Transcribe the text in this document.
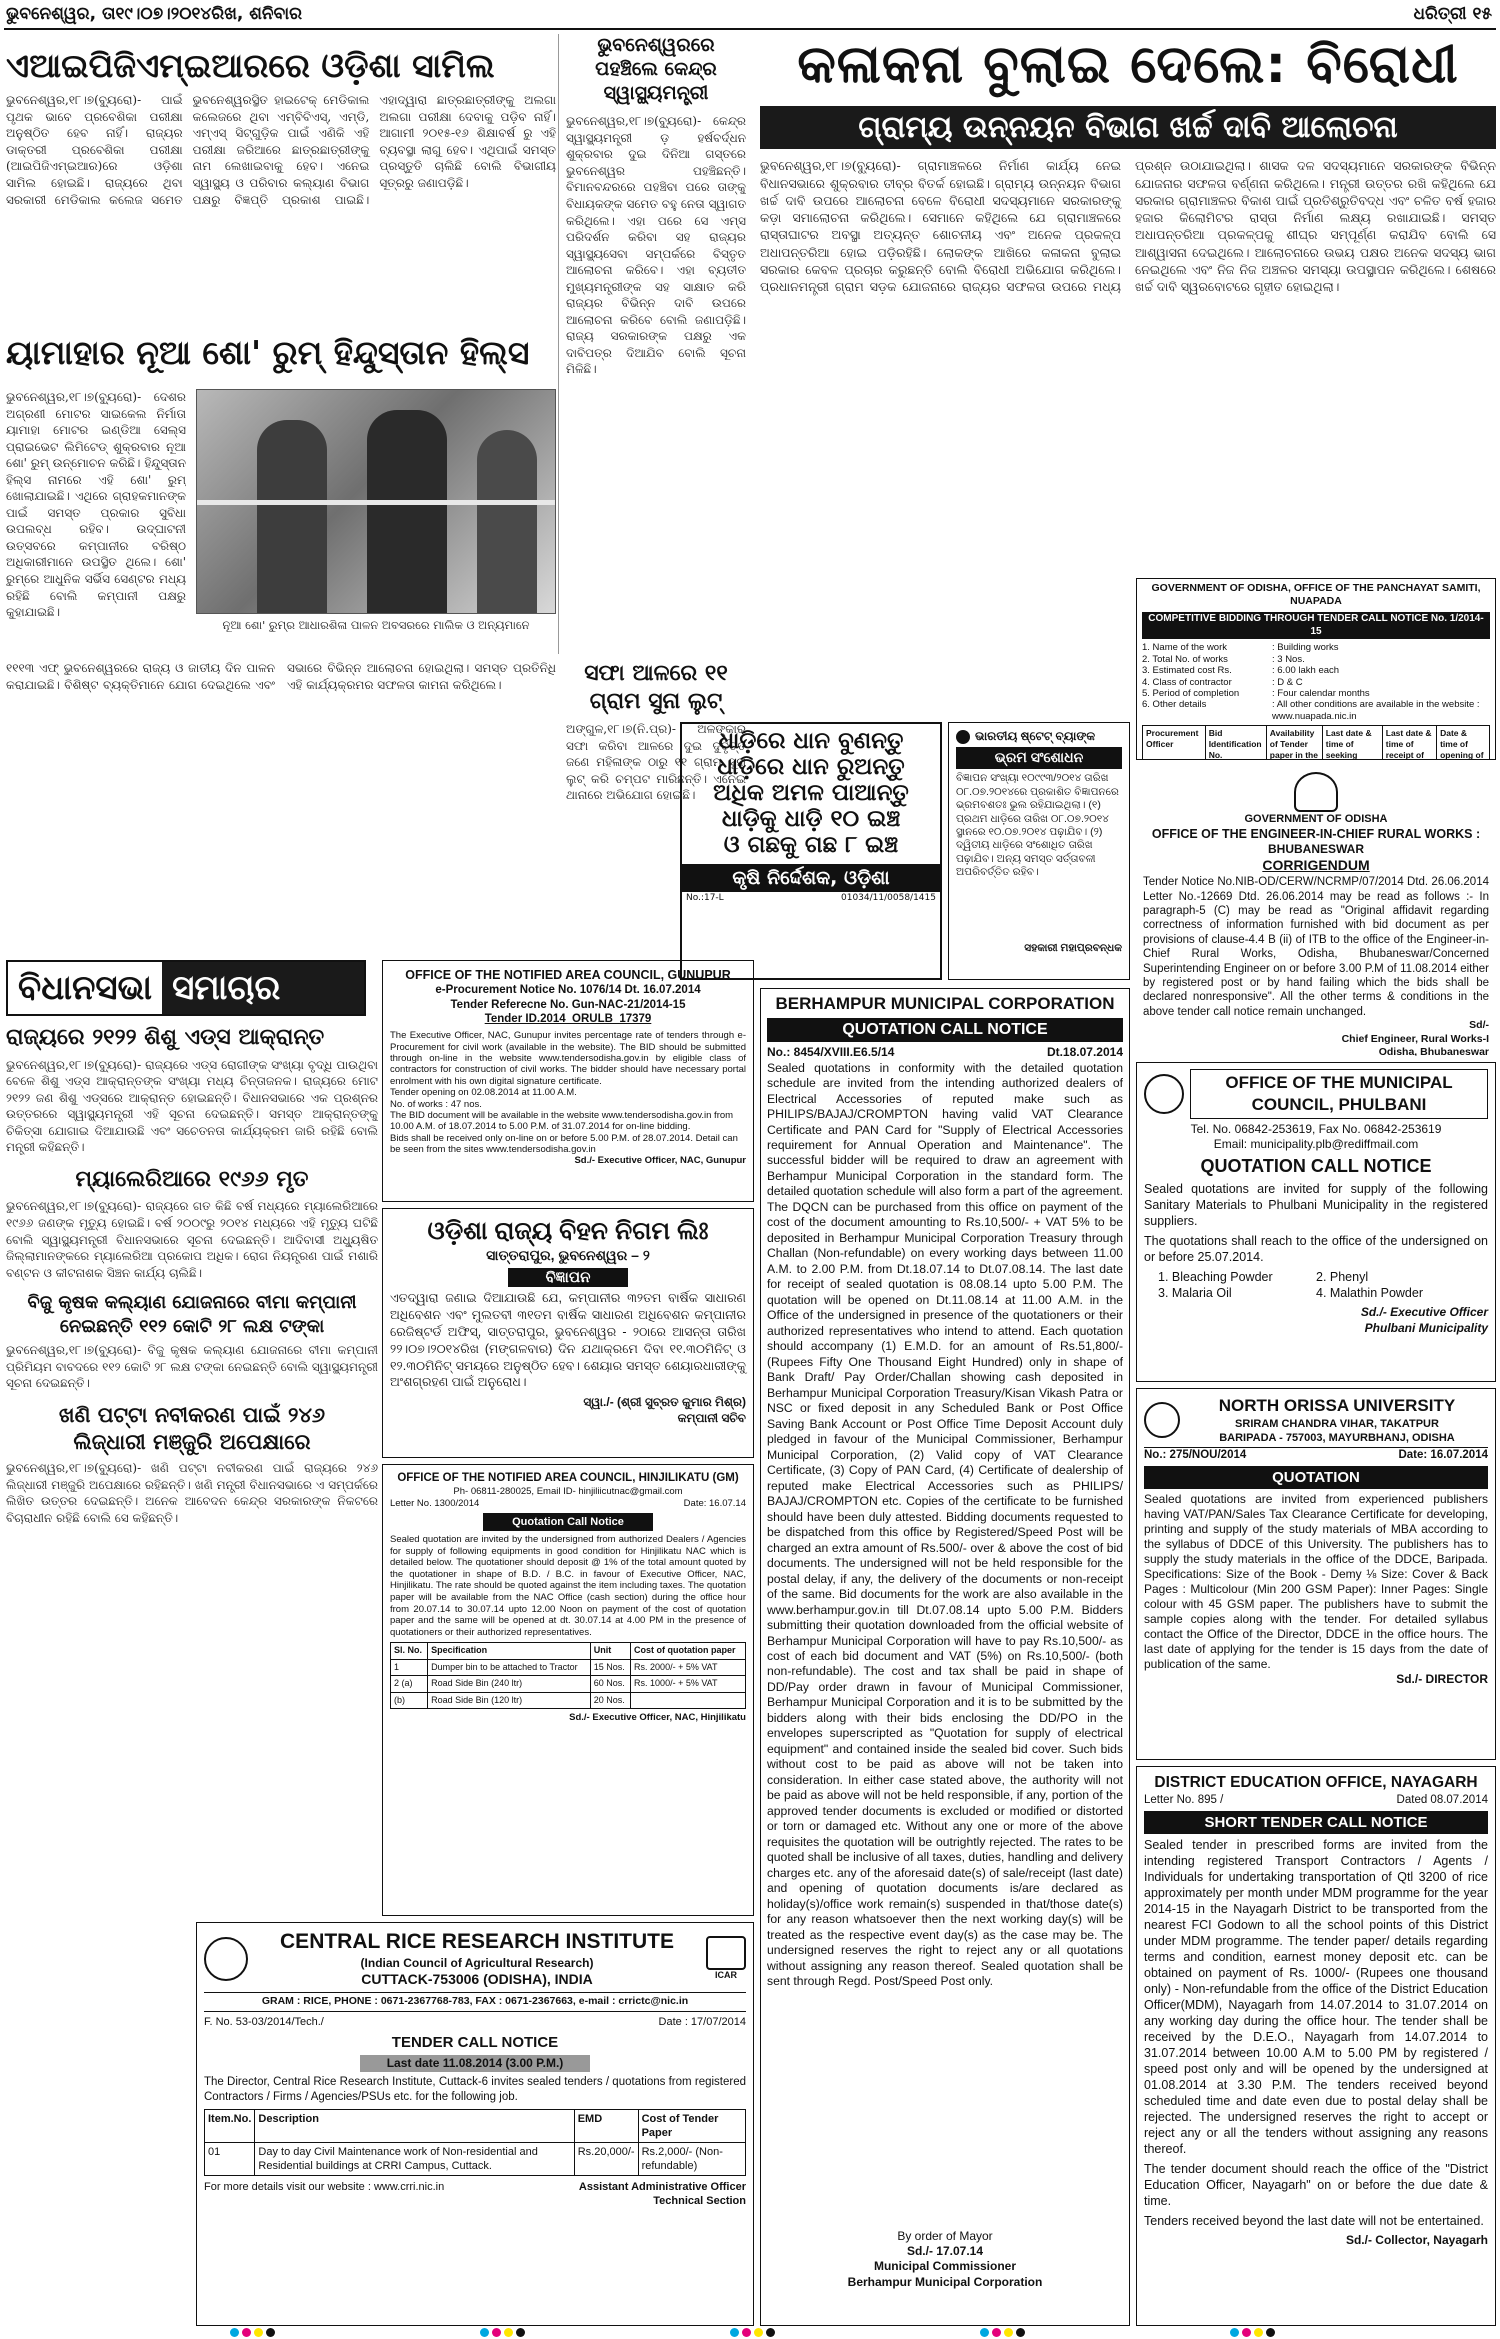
ଭୁବନେଶ୍ୱର, ତା୧୯।୦୭।୨୦୧୪ରିଖ, ଶନିବାର	ଧରିତ୍ରୀ ୧୫
ଏଆଇପିଜିଏମ୍‌ଇଆରରେ ଓଡ଼ିଶା ସାମିଲ
ଭୁବନେଶ୍ୱର,୧୮।୭(ବ୍ୟୁରୋ)- ପାଇଁ ପୃଥକ ଭାବେ ପ୍ରବେଶିକା ପରୀକ୍ଷା ଅନୁଷ୍ଠିତ ହେବ ନାହିଁ। ରାଜ୍ୟର ଡାକ୍ତରୀ ପ୍ରବେଶିକା ପରୀକ୍ଷା (ଆଇପିଜିଏମ୍‌ଇଆର)ରେ ଓଡ଼ିଶା ସାମିଲ ହୋଇଛି। ରାଜ୍ୟରେ ଥିବା ସରକାରୀ ମେଡିକାଲ କଲେଜ ସମେତ ଭୁବନେଶ୍ୱରସ୍ଥିତ ହାଇଟେକ୍‌ ମେଡିକାଲ କଲେଜରେ ଥିବା ଏମ୍‌ବିବିଏସ୍‌, ଏମ୍‌ଡି, ଏମ୍‌ଏସ୍‌ ସିଟ୍‌ଗୁଡ଼ିକ ପାଇଁ ଏଣିକି ଏହି ପରୀକ୍ଷା ଜରିଆରେ ଛାତ୍ରଛାତ୍ରୀଙ୍କୁ ନାମ ଲେଖାଇବାକୁ ହେବ। ଏନେଇ ସ୍ୱାସ୍ଥ୍ୟ ଓ ପରିବାର କଲ୍ୟାଣ ବିଭାଗ ପକ୍ଷରୁ ବିଜ୍ଞପ୍ତି ପ୍ରକାଶ ପାଇଛି। ଏହାଦ୍ୱାରା ଛାତ୍ରଛାତ୍ରୀଙ୍କୁ ଅଲଗା ଅଲଗା ପରୀକ୍ଷା ଦେବାକୁ ପଡ଼ିବ ନାହିଁ। ଆଗାମୀ ୨୦୧୫-୧୬ ଶିକ୍ଷାବର୍ଷ ରୁ ଏହି ବ୍ୟବସ୍ଥା ଲାଗୁ ହେବ। ଏଥିପାଇଁ ସମସ୍ତ ପ୍ରସ୍ତୁତି ଚାଲିଛି ବୋଲି ବିଭାଗୀୟ ସୂତ୍ରରୁ ଜଣାପଡ଼ିଛି।
ଭୁବନେଶ୍ୱରରେ ପହଞ୍ଚିଲେ କେନ୍ଦ୍ର ସ୍ୱାସ୍ଥ୍ୟମନ୍ତ୍ରୀ
ଭୁବନେଶ୍ୱର,୧୮।୭(ବ୍ୟୁରୋ)- କେନ୍ଦ୍ର ସ୍ୱାସ୍ଥ୍ୟମନ୍ତ୍ରୀ ଡ଼ ହର୍ଷବର୍ଦ୍ଧନ ଶୁକ୍ରବାର ଦୁଇ ଦିନିଆ ଗସ୍ତରେ ଭୁବନେଶ୍ୱର ପହଞ୍ଚିଛନ୍ତି। ବିମାନବନ୍ଦରରେ ପହଞ୍ଚିବା ପରେ ତାଙ୍କୁ ବିଧାୟକଙ୍କ ସମେତ ବହୁ ନେତା ସ୍ୱାଗତ କରିଥିଲେ। ଏହା ପରେ ସେ ଏମ୍‌ସ ପରିଦର୍ଶନ କରିବା ସହ ରାଜ୍ୟର ସ୍ୱାସ୍ଥ୍ୟସେବା ସମ୍ପର୍କରେ ବିସ୍ତୃତ ଆଲୋଚନା କରିବେ। ଏହା ବ୍ୟତୀତ ମୁଖ୍ୟମନ୍ତ୍ରୀଙ୍କ ସହ ସାକ୍ଷାତ କରି ରାଜ୍ୟର ବିଭିନ୍ନ ଦାବି ଉପରେ ଆଲୋଚନା କରିବେ ବୋଲି ଜଣାପଡ଼ିଛି। ରାଜ୍ୟ ସରକାରଙ୍କ ପକ୍ଷରୁ ଏକ ଦାବିପତ୍ର ଦିଆଯିବ ବୋଲି ସୂଚନା ମିଳିଛି।
କଳାକନା ବୁଲାଇ ଦେଲେ: ବିରୋଧୀ
ଗ୍ରାମ୍ୟ ଉନ୍ନୟନ ବିଭାଗ ଖର୍ଚ୍ଚ ଦାବି ଆଲୋଚନା
ଭୁବନେଶ୍ୱର,୧୮।୭(ବ୍ୟୁରୋ)- ଗ୍ରାମାଞ୍ଚଳରେ ନିର୍ମାଣ କାର୍ଯ୍ୟ ନେଇ ବିଧାନସଭାରେ ଶୁକ୍ରବାର ତୀବ୍ର ବିତର୍କ ହୋଇଛି। ଗ୍ରାମ୍ୟ ଉନ୍ନୟନ ବିଭାଗ ଖର୍ଚ୍ଚ ଦାବି ଉପରେ ଆଲୋଚନା ବେଳେ ବିରୋଧୀ ସଦସ୍ୟମାନେ ସରକାରଙ୍କୁ କଡ଼ା ସମାଲୋଚନା କରିଥିଲେ। ସେମାନେ କହିଥିଲେ ଯେ ଗ୍ରାମାଞ୍ଚଳରେ ରାସ୍ତାଘାଟର ଅବସ୍ଥା ଅତ୍ୟନ୍ତ ଶୋଚନୀୟ ଏବଂ ଅନେକ ପ୍ରକଳ୍ପ ଅଧାପନ୍ତରିଆ ହୋଇ ପଡ଼ିରହିଛି। ଲୋକଙ୍କ ଆଖିରେ କଳାକନା ବୁଲାଇ ସରକାର କେବଳ ପ୍ରଚାର କରୁଛନ୍ତି ବୋଲି ବିରୋଧୀ ଅଭିଯୋଗ କରିଥିଲେ। ପ୍ରଧାନମନ୍ତ୍ରୀ ଗ୍ରାମ ସଡ଼କ ଯୋଜନାରେ ରାଜ୍ୟର ସଫଳତା ଉପରେ ମଧ୍ୟ ପ୍ରଶ୍ନ ଉଠାଯାଇଥିଲା। ଶାସକ ଦଳ ସଦସ୍ୟମାନେ ସରକାରଙ୍କ ବିଭିନ୍ନ ଯୋଜନାର ସଫଳତା ବର୍ଣ୍ଣନା କରିଥିଲେ। ମନ୍ତ୍ରୀ ଉତ୍ତର ରଖି କହିଥିଲେ ଯେ ସରକାର ଗ୍ରାମାଞ୍ଚଳର ବିକାଶ ପାଇଁ ପ୍ରତିଶ୍ରୁତିବଦ୍ଧ ଏବଂ ଚଳିତ ବର୍ଷ ହଜାର ହଜାର କିଲୋମିଟର ରାସ୍ତା ନିର୍ମାଣ ଲକ୍ଷ୍ୟ ରଖାଯାଇଛି। ସମସ୍ତ ଅଧାପନ୍ତରିଆ ପ୍ରକଳ୍ପକୁ ଶୀଘ୍ର ସମ୍ପୂର୍ଣ୍ଣ କରାଯିବ ବୋଲି ସେ ଆଶ୍ୱାସନା ଦେଇଥିଲେ। ଆଲୋଚନାରେ ଉଭୟ ପକ୍ଷର ଅନେକ ସଦସ୍ୟ ଭାଗ ନେଇଥିଲେ ଏବଂ ନିଜ ନିଜ ଅଞ୍ଚଳର ସମସ୍ୟା ଉପସ୍ଥାପନ କରିଥିଲେ। ଶେଷରେ ଖର୍ଚ୍ଚ ଦାବି ସ୍ୱରବୋଟରେ ଗୃହୀତ ହୋଇଥିଲା।
ୟାମାହାର ନୂଆ ଶୋ' ରୁମ୍ ହିନ୍ଦୁସ୍ତାନ ହିଲ୍ସ
ଭୁବନେଶ୍ୱର,୧୮।୭(ବ୍ୟୁରୋ)- ଦେଶର ଅଗ୍ରଣୀ ମୋଟର ସାଇକେଲ ନିର୍ମାତା ୟାମାହା ମୋଟର ଇଣ୍ଡିଆ ସେଲ୍‌ସ ପ୍ରାଇଭେଟ ଲିମିଟେଡ୍‌ ଶୁକ୍ରବାର ନୂଆ ଶୋ' ରୁମ୍ ଉନ୍ମୋଚନ କରିଛି। ହିନ୍ଦୁସ୍ତାନ ହିଲ୍ସ ନାମରେ ଏହି ଶୋ' ରୁମ୍‌ ଖୋଲାଯାଇଛି। ଏଥିରେ ଗ୍ରାହକମାନଙ୍କ ପାଇଁ ସମସ୍ତ ପ୍ରକାର ସୁବିଧା ଉପଲବ୍ଧ ରହିବ। ଉଦ୍‌ଘାଟନୀ ଉତ୍ସବରେ କମ୍ପାନୀର ବରିଷ୍ଠ ଅଧିକାରୀମାନେ ଉପସ୍ଥିତ ଥିଲେ। ଶୋ' ରୁମ୍‌ରେ ଆଧୁନିକ ସର୍ଭିସ ସେଣ୍ଟର ମଧ୍ୟ ରହିଛି ବୋଲି କମ୍ପାନୀ ପକ୍ଷରୁ କୁହାଯାଇଛି।
ନୂଆ ଶୋ' ରୁମ୍‌ର ଆଧାରଶିଳା ପାଳନ ଅବସରରେ ମାଲିକ ଓ ଅନ୍ୟମାନେ
ସଫା ଆଳରେ ୧୧ ଗ୍ରାମ ସୁନା ଲୁଟ୍
ଅଙ୍ଗୁଳ,୧୮।୭(ନି.ପ୍ର)- ଅଳଙ୍କାର ସଫା କରିବା ଆଳରେ ଦୁଇ ଦୁର୍ବୃତ୍ତ ଜଣେ ମହିଳାଙ୍କ ଠାରୁ ୧୧ ଗ୍ରାମ ସୁନା ଲୁଟ୍ କରି ଚମ୍ପଟ ମାରିଛନ୍ତି। ଏନେଇ ଥାନାରେ ଅଭିଯୋଗ ହୋଇଛି।
୧୧୧୩ ଏଫ୍ ଭୁବନେଶ୍ୱରରେ ରାଜ୍ୟ ଓ ଜାତୀୟ ଦିନ ପାଳନ କରାଯାଇଛି। ବିଶିଷ୍ଟ ବ୍ୟକ୍ତିମାନେ ଯୋଗ ଦେଇଥିଲେ ଏବଂ ସଭାରେ ବିଭିନ୍ନ ଆଲୋଚନା ହୋଇଥିଲା। ସମସ୍ତ ପ୍ରତିନିଧି ଏହି କାର୍ଯ୍ୟକ୍ରମର ସଫଳତା କାମନା କରିଥିଲେ।
ଧାଡ଼ିରେ ଧାନ ବୁଣନ୍ତୁ
ଧାଡ଼ିରେ ଧାନ ରୁଅନ୍ତୁ
ଅଧିକ ଅମଳ ପାଆନ୍ତୁ
ଧାଡ଼ିକୁ ଧାଡ଼ି ୧୦ ଇଞ୍ଚ
ଓ ଗଛକୁ ଗଛ ୮ ଇଞ୍ଚ
କୃଷି ନିର୍ଦ୍ଦେଶକ, ଓଡ଼ିଶା
No.:17-L	01034/11/0058/1415
ଭାରତୀୟ ଷ୍ଟେଟ୍ ବ୍ୟାଙ୍କ
ଭ୍ରମ ସଂଶୋଧନ
ବିଜ୍ଞାପନ ସଂଖ୍ୟା ୧୦୯୯୩/୨୦୧୪ ତାରିଖ ୦୮.୦୭.୨୦୧୪ରେ ପ୍ରକାଶିତ ବିଜ୍ଞାପନରେ ଭ୍ରମବଶତଃ ଭୁଲ ରହିଯାଇଥିଲା। (୧) ପ୍ରଥମ ଧାଡ଼ିରେ ତାରିଖ ୦୮.୦୭.୨୦୧୪ ସ୍ଥାନରେ ୧୦.୦୭.୨୦୧୪ ପଢ଼ାଯିବ। (୨) ଦ୍ୱିତୀୟ ଧାଡ଼ିରେ ସଂଶୋଧିତ ତାରିଖ ପଢ଼ାଯିବ। ଅନ୍ୟ ସମସ୍ତ ସର୍ତ୍ତାବଳୀ ଅପରିବର୍ତ୍ତିତ ରହିବ।
ସହକାରୀ ମହାପ୍ରବନ୍ଧକ
GOVERNMENT OF ODISHA, OFFICE OF THE PANCHAYAT SAMITI, NUAPADA
COMPETITIVE BIDDING THROUGH TENDER CALL NOTICE No. 1/2014-15
1. Name of the work	: Building works
2. Total No. of works	: 3 Nos.
3. Estimated cost Rs.	: 6.00 lakh each
4. Class of contractor	: D & C
5. Period of completion	: Four calendar months
6. Other details	: All other conditions are available in the website : www.nuapada.nic.in
Procurement Officer	Bid Identification No.	Availability of Tender paper in the	Last date & time of seeking	Last date & time of receipt of	Date & time of opening of

GOVERNMENT OF ODISHA
OFFICE OF THE ENGINEER-IN-CHIEF RURAL WORKS :
BHUBANESWAR
CORRIGENDUM
Tender Notice No.NIB-OD/CERW/NCRMP/07/2014 Dtd. 26.06.2014 Letter No.-12669 Dtd. 26.06.2014 may be read as follows :- In paragraph-5 (C) may be read as "Original affidavit regarding correctness of information furnished with bid document as per provisions of clause-4.4 B (ii) of ITB to the office of the Engineer-in-Chief Rural Works, Odisha, Bhubaneswar/Concerned Superintending Engineer on or before 3.00 P.M of 11.08.2014 either by registered post or by hand failing which the bids shall be declared nonresponsive". All the other terms & conditions in the above tender call notice remain unchanged.
Sd/-
Chief Engineer, Rural Works-I
Odisha, Bhubaneswar
ବିଧାନସଭା ସମାଚାର
ରାଜ୍ୟରେ ୨୧୨୨ ଶିଶୁ ଏଡ୍‌ସ ଆକ୍ରାନ୍ତ
ଭୁବନେଶ୍ୱର,୧୮।୭(ବ୍ୟୁରୋ)- ରାଜ୍ୟରେ ଏଡ୍‌ସ ରୋଗୀଙ୍କ ସଂଖ୍ୟା ବୃଦ୍ଧି ପାଉଥିବା ବେଳେ ଶିଶୁ ଏଡ୍‌ସ ଆକ୍ରାନ୍ତଙ୍କ ସଂଖ୍ୟା ମଧ୍ୟ ଚିନ୍ତାଜନକ। ରାଜ୍ୟରେ ମୋଟ ୨୧୨୨ ଜଣ ଶିଶୁ ଏଡ୍‌ସରେ ଆକ୍ରାନ୍ତ ହୋଇଛନ୍ତି। ବିଧାନସଭାରେ ଏକ ପ୍ରଶ୍ନର ଉତ୍ତରରେ ସ୍ୱାସ୍ଥ୍ୟମନ୍ତ୍ରୀ ଏହି ସୂଚନା ଦେଇଛନ୍ତି। ସମସ୍ତ ଆକ୍ରାନ୍ତଙ୍କୁ ଚିକିତ୍ସା ଯୋଗାଇ ଦିଆଯାଉଛି ଏବଂ ସଚେତନତା କାର୍ଯ୍ୟକ୍ରମ ଜାରି ରହିଛି ବୋଲି ମନ୍ତ୍ରୀ କହିଛନ୍ତି।
ମ୍ୟାଲେରିଆରେ ୧୯୬୬ ମୃତ
ଭୁବନେଶ୍ୱର,୧୮।୭(ବ୍ୟୁରୋ)- ରାଜ୍ୟରେ ଗତ କିଛି ବର୍ଷ ମଧ୍ୟରେ ମ୍ୟାଲେରିଆରେ ୧୯୬୬ ଜଣଙ୍କ ମୃତ୍ୟୁ ହୋଇଛି। ବର୍ଷ ୨୦୦୯ରୁ ୨୦୧୪ ମଧ୍ୟରେ ଏହି ମୃତ୍ୟୁ ଘଟିଛି ବୋଲି ସ୍ୱାସ୍ଥ୍ୟମନ୍ତ୍ରୀ ବିଧାନସଭାରେ ସୂଚନା ଦେଇଛନ୍ତି। ଆଦିବାସୀ ଅଧ୍ୟୁଷିତ ଜିଲ୍ଲାମାନଙ୍କରେ ମ୍ୟାଲେରିଆ ପ୍ରକୋପ ଅଧିକ। ରୋଗ ନିୟନ୍ତ୍ରଣ ପାଇଁ ମଶାରି ବଣ୍ଟନ ଓ କୀଟନାଶକ ସିଞ୍ଚନ କାର୍ଯ୍ୟ ଚାଲିଛି।
ବିଜୁ କୃଷକ କଲ୍ୟାଣ ଯୋଜନାରେ ବୀମା କମ୍ପାନୀ
ନେଇଛନ୍ତି ୧୧୨ କୋଟି ୨୮ ଲକ୍ଷ ଟଙ୍କା
ଭୁବନେଶ୍ୱର,୧୮।୭(ବ୍ୟୁରୋ)- ବିଜୁ କୃଷକ କଲ୍ୟାଣ ଯୋଜନାରେ ବୀମା କମ୍ପାନୀ ପ୍ରିମିୟମ ବାବଦରେ ୧୧୨ କୋଟି ୨୮ ଲକ୍ଷ ଟଙ୍କା ନେଇଛନ୍ତି ବୋଲି ସ୍ୱାସ୍ଥ୍ୟମନ୍ତ୍ରୀ ସୂଚନା ଦେଇଛନ୍ତି।
ଖଣି ପଟ୍ଟା ନବୀକରଣ ପାଇଁ ୨୪୬
ଲିଜ୍‌ଧାରୀ ମଞ୍ଜୁରି ଅପେକ୍ଷାରେ
ଭୁବନେଶ୍ୱର,୧୮।୭(ବ୍ୟୁରୋ)- ଖଣି ପଟ୍ଟା ନବୀକରଣ ପାଇଁ ରାଜ୍ୟରେ ୨୪୬ ଲିଜ୍‌ଧାରୀ ମଞ୍ଜୁରି ଅପେକ୍ଷାରେ ରହିଛନ୍ତି। ଖଣି ମନ୍ତ୍ରୀ ବିଧାନସଭାରେ ଏ ସମ୍ପର୍କରେ ଲିଖିତ ଉତ୍ତର ଦେଇଛନ୍ତି। ଅନେକ ଆବେଦନ କେନ୍ଦ୍ର ସରକାରଙ୍କ ନିକଟରେ ବିଚାରାଧୀନ ରହିଛି ବୋଲି ସେ କହିଛନ୍ତି।
OFFICE OF THE NOTIFIED AREA COUNCIL, GUNUPUR
e-Procurement Notice No. 1076/14 Dt. 16.07.2014
Tender Referecne No. Gun-NAC-21/2014-15
Tender ID.2014_ORULB_17379
The Executive Officer, NAC, Gunupur invites percentage rate of tenders through e-Procurement for civil work (available in the website). The BID should be submitted through on-line in the website www.tendersodisha.gov.in by eligible class of contractors for construction of civil works. The bidder should have necessary portal enrolment with his own digital signature certificate.
Tender opening on 02.08.2014 at 11.00 A.M.
No. of works : 47 nos.
The BID document will be available in the website www.tendersodisha.gov.in from 10.00 A.M. of 18.07.2014 to 5.00 P.M. of 31.07.2014 for on-line bidding.
Bids shall be received only on-line on or before 5.00 P.M. of 28.07.2014. Detail can be seen from the sites www.tendersodisha.gov.in
Sd./- Executive Officer, NAC, Gunupur
ଓଡ଼ିଶା ରାଜ୍ୟ ବିହନ ନିଗମ ଲିଃ
ସାତ୍ତରାପୁର, ଭୁବନେଶ୍ୱର – ୨
ବିଜ୍ଞାପନ
ଏତଦ୍ୱାରା ଜଣାଇ ଦିଆଯାଉଛି ଯେ, କମ୍ପାନୀର ୩୨ତମ ବାର୍ଷିକ ସାଧାରଣ ଅଧିବେଶନ ଏବଂ ମୁଲତବୀ ୩୧ତମ ବାର୍ଷିକ ସାଧାରଣ ଅଧିବେଶନ କମ୍ପାନୀର ରେଜିଷ୍ଟର୍ଡ ଅଫିସ୍, ସାତ୍ତରାପୁର, ଭୁବନେଶ୍ୱର - ୨ଠାରେ ଆସନ୍ତା ତାରିଖ ୨୨।୦୭।୨୦୧୪ରିଖ (ମଙ୍ଗଳବାର) ଦିନ ଯଥାକ୍ରମେ ଦିବା ୧୧.୩୦ମିନିଟ୍ ଓ ୧୨.୩୦ମିନିଟ୍ ସମୟରେ ଅନୁଷ୍ଠିତ ହେବ। ଶେୟାର ସମସ୍ତ ଶେୟାରଧାରୀଙ୍କୁ ଅଂଶଗ୍ରହଣ ପାଇଁ ଅନୁରୋଧ।
ସ୍ୱା./- (ଶ୍ରୀ ସୁବ୍ରତ କୁମାର ମିଶ୍ର)
କମ୍ପାନୀ ସଚିବ
OFFICE OF THE NOTIFIED AREA COUNCIL, HINJILIKATU (GM)
Ph- 06811-280025, Email ID- hinjiliicutnac@gmail.com
Letter No. 1300/2014	Date: 16.07.14
Quotation Call Notice
Sealed quotation are invited by the undersigned from authorized Dealers / Agencies for supply of following equipments in good condition for Hinjilikatu NAC which is detailed below. The quotationer should deposit @ 1% of the total amount quoted by the quotationer in shape of B.D. / B.C. in favour of Executive Officer, NAC, Hinjilikatu. The rate should be quoted against the item including taxes. The quotation paper will be available from the NAC Office (cash section) during the office hour from 20.07.14 to 30.07.14 upto 12.00 Noon on payment of the cost of quotation paper and the same will be opened at dt. 30.07.14 at 4.00 PM in the presence of quotationers or their authorized representatives.
Sl. No.	Specification	Unit	Cost of quotation paper
1	Dumper bin to be attached to Tractor	15 Nos.	Rs. 2000/- + 5% VAT
2 (a)	Road Side Bin (240 ltr)	60 Nos.	Rs. 1000/- + 5% VAT
(b)	Road Side Bin (120 ltr)	20 Nos.	
Sd./- Executive Officer, NAC, Hinjilikatu
CENTRAL RICE RESEARCH INSTITUTE
(Indian Council of Agricultural Research)
CUTTACK-753006 (ODISHA), INDIA	ICAR
GRAM : RICE, PHONE : 0671-2367768-783, FAX : 0671-2367663, e-mail : crrictc@nic.in
F. No. 53-03/2014/Tech./	Date : 17/07/2014
TENDER CALL NOTICE
Last date 11.08.2014 (3.00 P.M.)
The Director, Central Rice Research Institute, Cuttack-6 invites sealed tenders / quotations from registered Contractors / Firms / Agencies/PSUs etc. for the following job.
Item.No.	Description	EMD	Cost of Tender Paper
01	Day to day Civil Maintenance work of Non-residential and Residential buildings at CRRI Campus, Cuttack.	Rs.20,000/-	Rs.2,000/- (Non-refundable)
For more details visit our website : www.crri.nic.in	Assistant Administrative Officer
Technical Section
BERHAMPUR MUNICIPAL CORPORATION
QUOTATION CALL NOTICE
No.: 8454/XVIII.E6.5/14	Dt.18.07.2014
Sealed quotations in conformity with the detailed quotation schedule are invited from the intending authorized dealers of Electrical Accessories of reputed make such as PHILIPS/BAJAJ/CROMPTON having valid VAT Clearance Certificate and PAN Card for "Supply of Electrical Accessories requirement for Annual Operation and Maintenance". The successful bidder will be required to draw an agreement with Berhampur Municipal Corporation in the standard form. The detailed quotation schedule will also form a part of the agreement. The DQCN can be purchased from this office on payment of the cost of the document amounting to Rs.10,500/- + VAT 5% to be deposited in Berhampur Municipal Corporation Treasury through Challan (Non-refundable) on every working days between 11.00 A.M. to 2.00 P.M. from Dt.18.07.14 to Dt.07.08.14. The last date for receipt of sealed quotation is 08.08.14 upto 5.00 P.M. The quotation will be opened on Dt.11.08.14 at 11.00 A.M. in the Office of the undersigned in presence of the quotationers or their authorized representatives who intend to attend. Each quotation should accompany (1) E.M.D. for an amount of Rs.51,800/- (Rupees Fifty One Thousand Eight Hundred) only in shape of Bank Draft/ Pay Order/Challan showing cash deposited in Berhampur Municipal Corporation Treasury/Kisan Vikash Patra or NSC or fixed deposit in any Scheduled Bank or Post Office Saving Bank Account or Post Office Time Deposit Account duly pledged in favour of the Municipal Commissioner, Berhampur Municipal Corporation, (2) Valid copy of VAT Clearance Certificate, (3) Copy of PAN Card, (4) Certificate of dealership of reputed make Electrical Accessories such as PHILIPS/ BAJAJ/CROMPTON etc. Copies of the certificate to be furnished should have been duly attested. Bidding documents requested to be dispatched from this office by Registered/Speed Post will be charged an extra amount of Rs.500/- over & above the cost of bid documents. The undersigned will not be held responsible for the postal delay, if any, the delivery of the documents or non-receipt of the same. Bid documents for the work are also available in the www.berhampur.gov.in till Dt.07.08.14 upto 5.00 P.M. Bidders submitting their quotation downloaded from the official website of Berhampur Municipal Corporation will have to pay Rs.10,500/- as cost of each bid document and VAT (5%) on Rs.10,500/- (both non-refundable). The cost and tax shall be paid in shape of DD/Pay order drawn in favour of Municipal Commissioner, Berhampur Municipal Corporation and it is to be submitted by the bidders along with their bids enclosing the DD/PO in the envelopes superscripted as "Quotation for supply of electrical equipment" and contained inside the sealed bid cover. Such bids without cost to be paid as above will not be taken into consideration. In either case stated above, the authority will not be paid as above will not be held responsible, if any, portion of the approved tender documents is excluded or modified or distorted or torn or damaged etc. Without any one or more of the above requisites the quotation will be outrightly rejected. The rates to be quoted shall be inclusive of all taxes, duties, handling and delivery charges etc. any of the aforesaid date(s) of sale/receipt (last date) and opening of quotation documents is/are declared as holiday(s)/office work remain(s) suspended in that/those date(s) for any reason whatsoever then the next working day(s) will be treated as the respective event day(s) as the case may be. The undersigned reserves the right to reject any or all quotations without assigning any reason thereof. Sealed quotation shall be sent through Regd. Post/Speed Post only.
By order of Mayor
Sd./- 17.07.14
Municipal Commissioner
Berhampur Municipal Corporation
OFFICE OF THE MUNICIPAL COUNCIL, PHULBANI
Tel. No. 06842-253619, Fax No. 06842-253619
Email: municipality.plb@rediffmail.com
QUOTATION CALL NOTICE
Sealed quotations are invited for supply of the following Sanitary Materials to Phulbani Municipality in the registered suppliers.
The quotations shall reach to the office of the undersigned on or before 25.07.2014.
1. Bleaching Powder	2. Phenyl
3. Malaria Oil	4. Malathin Powder
Sd./- Executive Officer
Phulbani Municipality
NORTH ORISSA UNIVERSITY
SRIRAM CHANDRA VIHAR, TAKATPUR
BARIPADA - 757003, MAYURBHANJ, ODISHA
No.: 275/NOU/2014	Date: 16.07.2014
QUOTATION
Sealed quotations are invited from experienced publishers having VAT/PAN/Sales Tax Clearance Certificate for developing, printing and supply of the study materials of MBA according to the syllabus of DDCE of this University. The publishers has to supply the study materials in the office of the DDCE, Baripada. Specifications: Size of the Book - Demy ⅛ Size: Cover & Back Pages : Multicolour (Min 200 GSM Paper): Inner Pages: Single colour with 45 GSM paper. The publishers have to submit the sample copies along with the tender. For detailed syllabus contact the Office of the Director, DDCE in the office hours. The last date of applying for the tender is 15 days from the date of publication of the same.
Sd./- DIRECTOR
DISTRICT EDUCATION OFFICE, NAYAGARH
Letter No. 895 /	Dated 08.07.2014
SHORT TENDER CALL NOTICE
Sealed tender in prescribed forms are invited from the intending registered Transport Contractors / Agents / Individuals for undertaking transportation of Qtl 3200 of rice approximately per month under MDM programme for the year 2014-15 in the Nayagarh District to be transported from the nearest FCI Godown to all the school points of this District under MDM programme. The tender paper/ details regarding terms and condition, earnest money deposit etc. can be obtained on payment of Rs. 1000/- (Rupees one thousand only) - Non-refundable from the office of the District Education Officer(MDM), Nayagarh from 14.07.2014 to 31.07.2014 on any working day during the office hour. The tender shall be received by the D.E.O., Nayagarh from 14.07.2014 to 31.07.2014 between 10.00 A.M to 5.00 PM by registered / speed post only and will be opened by the undersigned at 01.08.2014 at 3.30 P.M. The tenders received beyond scheduled time and date even due to postal delay shall be rejected. The undersigned reserves the right to accept or reject any or all the tenders without assigning any reasons thereof.
The tender document should reach the office of the "District Education Officer, Nayagarh" on or before the due date & time.
Tenders received beyond the last date will not be entertained.
Sd./- Collector, Nayagarh
